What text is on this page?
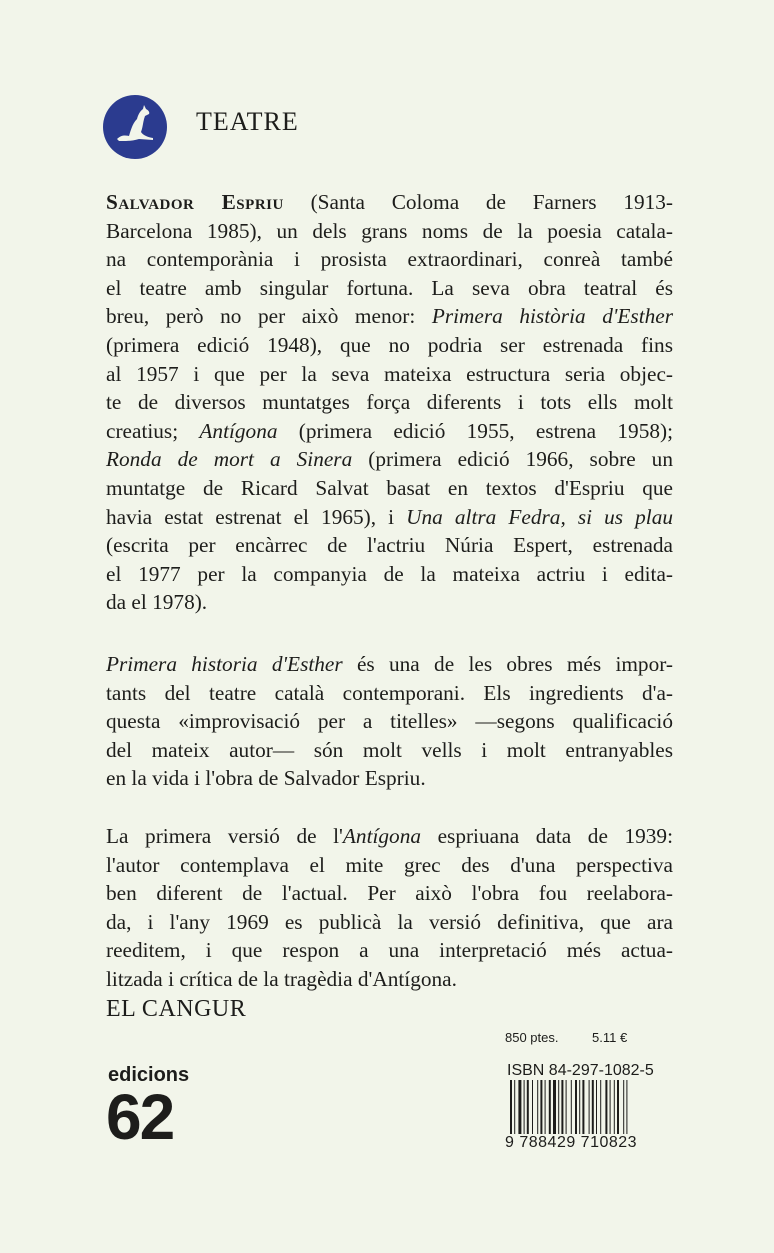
TEATRE
Salvador Espriu (Santa Coloma de Farners 1913-
Barcelona 1985), un dels grans noms de la poesia catala-
na contemporània i prosista extraordinari, conreà també
el teatre amb singular fortuna. La seva obra teatral és
breu, però no per això menor: Primera història d'Esther
(primera edició 1948), que no podria ser estrenada fins
al 1957 i que per la seva mateixa estructura seria objec-
te de diversos muntatges força diferents i tots ells molt
creatius; Antígona (primera edició 1955, estrena 1958);
Ronda de mort a Sinera (primera edició 1966, sobre un
muntatge de Ricard Salvat basat en textos d'Espriu que
havia estat estrenat el 1965), i Una altra Fedra, si us plau
(escrita per encàrrec de l'actriu Núria Espert, estrenada
el 1977 per la companyia de la mateixa actriu i edita-
da el 1978).
Primera historia d'Esther és una de les obres més impor-
tants del teatre català contemporani. Els ingredients d'a-
questa «improvisació per a titelles» —segons qualificació
del mateix autor— són molt vells i molt entranyables
en la vida i l'obra de Salvador Espriu.
La primera versió de l'Antígona espriuana data de 1939:
l'autor contemplava el mite grec des d'una perspectiva
ben diferent de l'actual. Per això l'obra fou reelabora-
da, i l'any 1969 es publicà la versió definitiva, que ara
reeditem, i que respon a una interpretació més actua-
litzada i crítica de la tragèdia d'Antígona.
EL CANGUR
850 ptes.	5.11 €
edicions
62
ISBN 84-297-1082-5
9 788429 710823
